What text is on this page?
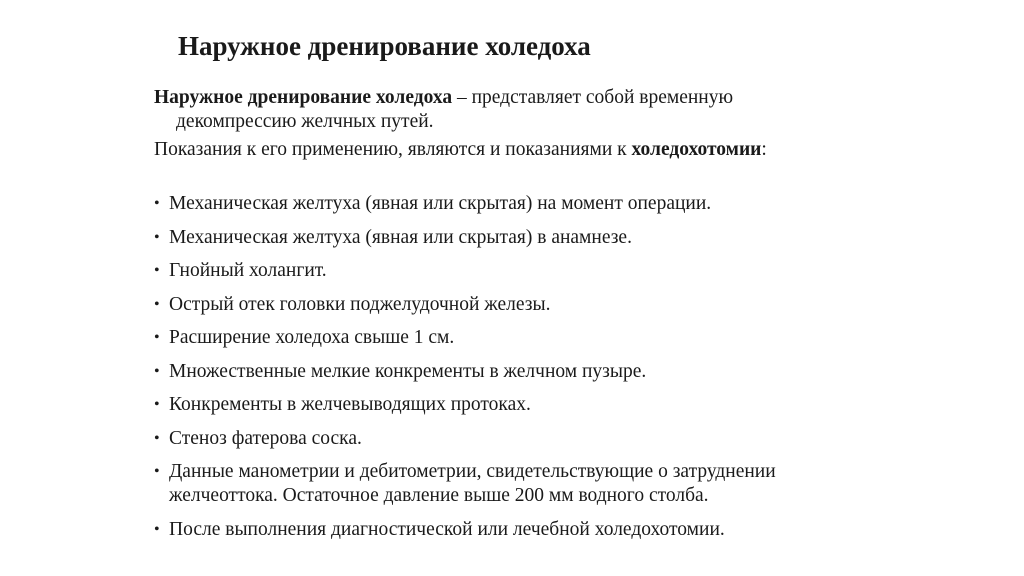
Наружное дренирование холедоха

Наружное дренирование холедоха – представляет собой временную декомпрессию желчных путей.

Показания к его применению, являются и показаниями к холедохотомии:

• Механическая желтуха (явная или скрытая) на момент операции.
• Механическая желтуха (явная или скрытая) в анамнезе.
• Гнойный холангит.
• Острый отек головки поджелудочной железы.
• Расширение холедоха свыше 1 см.
• Множественные мелкие конкременты в желчном пузыре.
• Конкременты в желчевыводящих протоках.
• Стеноз фатерова соска.
• Данные манометрии и дебитометрии, свидетельствующие о затруднении желчеоттока. Остаточное давление выше 200 мм водного столба.
• После выполнения диагностической или лечебной холедохотомии.
